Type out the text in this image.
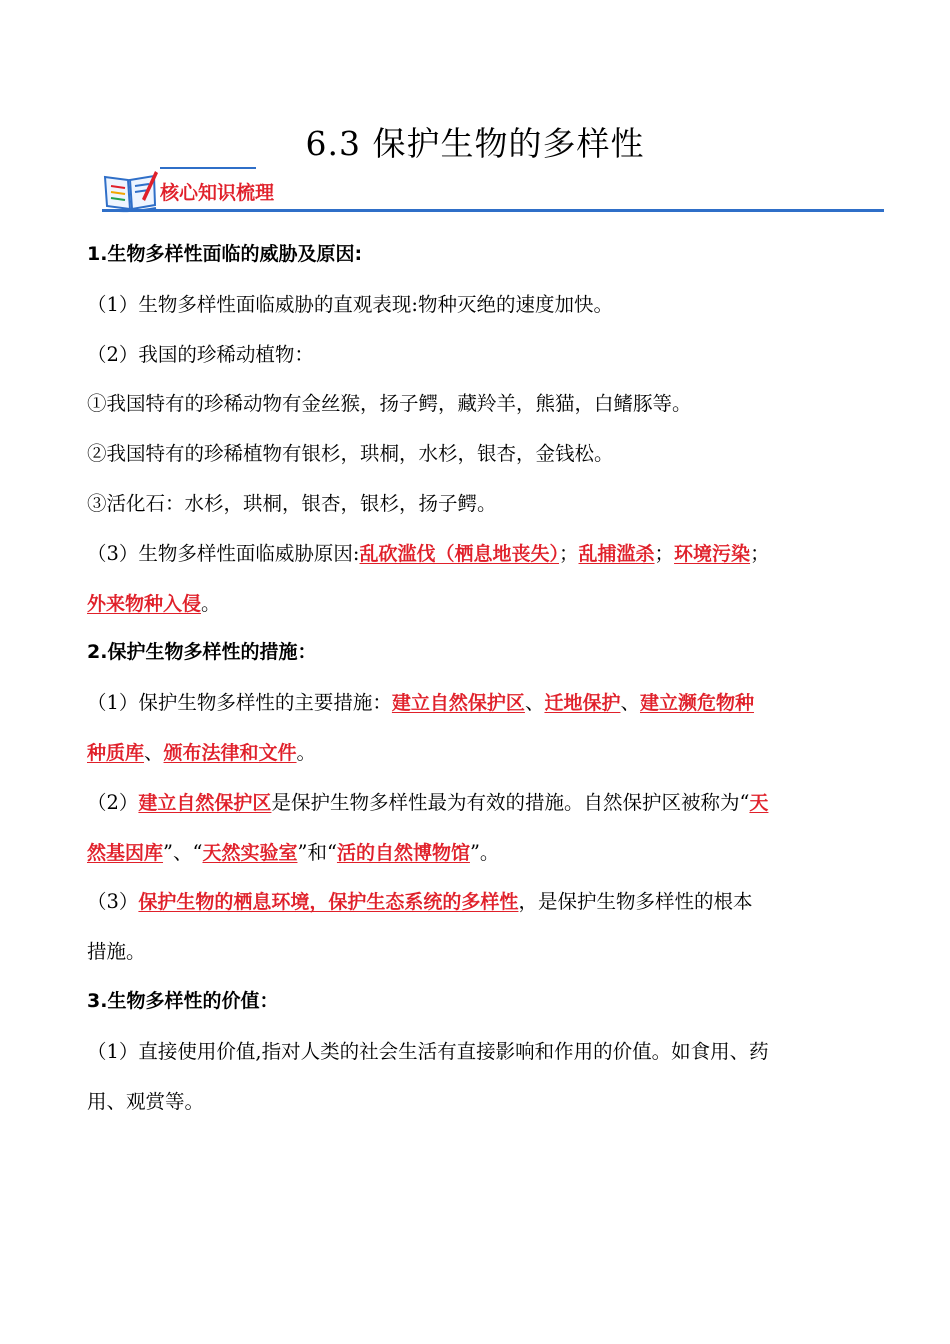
6.3 保护生物的多样性
核心知识梳理
1.生物多样性面临的威胁及原因:
（1）生物多样性面临威胁的直观表现:物种灭绝的速度加快。
（2）我国的珍稀动植物：
①我国特有的珍稀动物有金丝猴，扬子鳄，藏羚羊，熊猫，白鳍豚等。
②我国特有的珍稀植物有银杉，珙桐，水杉，银杏，金钱松。
③活化石：水杉，珙桐，银杏，银杉，扬子鳄。
（3）生物多样性面临威胁原因:乱砍滥伐（栖息地丧失）；乱捕滥杀；环境污染；
外来物种入侵。
2.保护生物多样性的措施：
（1）保护生物多样性的主要措施：建立自然保护区、迁地保护、建立濒危物种
种质库、颁布法律和文件。
（2）建立自然保护区是保护生物多样性最为有效的措施。自然保护区被称为“天
然基因库”、“天然实验室”和“活的自然博物馆”。
（3）保护生物的栖息环境，保护生态系统的多样性，是保护生物多样性的根本
措施。
3.生物多样性的价值：
（1）直接使用价值,指对人类的社会生活有直接影响和作用的价值。如食用、药
用、观赏等。
